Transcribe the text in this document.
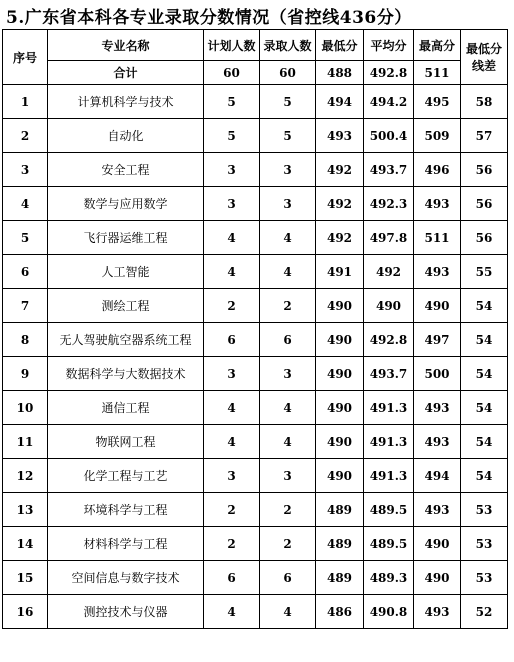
5.广东省本科各专业录取分数情况（省控线436分）
序号	专业名称	计划人数	录取人数	最低分	平均分	最高分	最低分线差
	合计	60	60	488	492.8	511	
1	计算机科学与技术	5	5	494	494.2	495	58
2	自动化	5	5	493	500.4	509	57
3	安全工程	3	3	492	493.7	496	56
4	数学与应用数学	3	3	492	492.3	493	56
5	飞行器运维工程	4	4	492	497.8	511	56
6	人工智能	4	4	491	492	493	55
7	测绘工程	2	2	490	490	490	54
8	无人驾驶航空器系统工程	6	6	490	492.8	497	54
9	数据科学与大数据技术	3	3	490	493.7	500	54
10	通信工程	4	4	490	491.3	493	54
11	物联网工程	4	4	490	491.3	493	54
12	化学工程与工艺	3	3	490	491.3	494	54
13	环境科学与工程	2	2	489	489.5	493	53
14	材料科学与工程	2	2	489	489.5	490	53
15	空间信息与数字技术	6	6	489	489.3	490	53
16	测控技术与仪器	4	4	486	490.8	493	52
